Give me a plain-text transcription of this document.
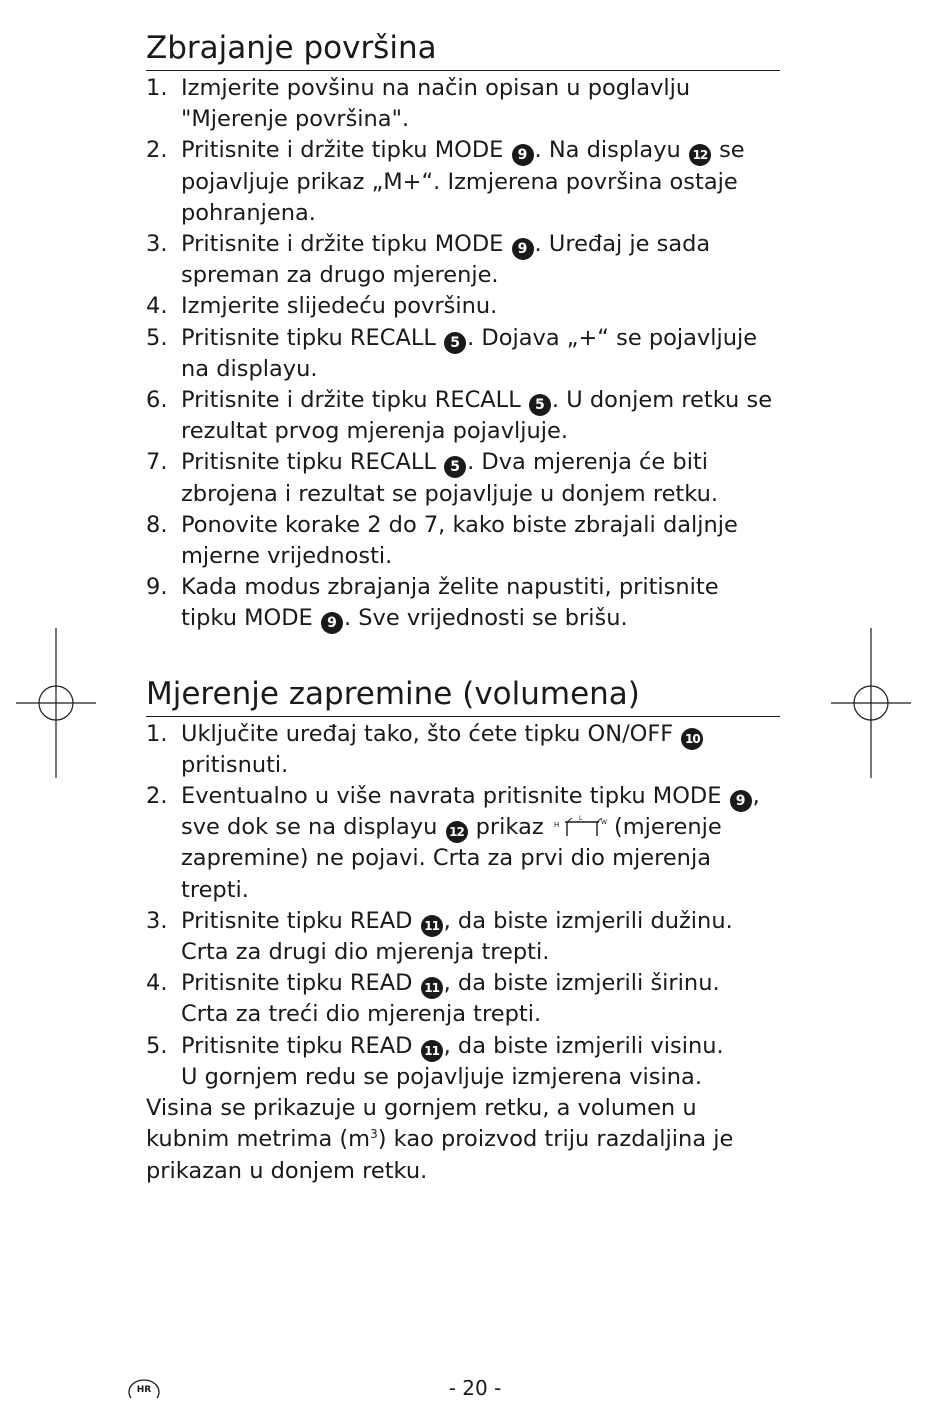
Zbrajanje površina
1. Izmjerite povšinu na način opisan u poglavlju "Mjerenje površina".
2. Pritisnite i držite tipku MODE 9 . Na displayu 12 se pojavljuje prikaz „M+“. Izmjerena površina ostaje pohranjena.
3. Pritisnite i držite tipku MODE 9 . Uređaj je sada spreman za drugo mjerenje.
4. Izmjerite slijedeću površinu.
5. Pritisnite tipku RECALL 5 . Dojava „+“ se pojavljuje na displayu.
6. Pritisnite i držite tipku RECALL 5 . U donjem retku se rezultat prvog mjerenja pojavljuje.
7. Pritisnite tipku RECALL 5 . Dva mjerenja će biti zbrojena i rezultat se pojavljuje u donjem retku.
8. Ponovite korake 2 do 7, kako biste zbrajali daljnje mjerne vrijednosti.
9. Kada modus zbrajanja želite napustiti, pritisnite tipku MODE 9 . Sve vrijednosti se brišu.
Mjerenje zapremine (volumena)
1. Uključite uređaj tako, što ćete tipku ON/OFF 10 pritisnuti.
2. Eventualno u više navrata pritisnite tipku MODE 9 , sve dok se na displayu 12 prikaz H
L
W (mjerenje zapremine) ne pojavi. Crta za prvi dio mjerenja trepti.
3. Pritisnite tipku READ 11 , da biste izmjerili dužinu.
Crta za drugi dio mjerenja trepti.
4. Pritisnite tipku READ 11 , da biste izmjerili širinu.
Crta za treći dio mjerenja trepti.
5. Pritisnite tipku READ 11 , da biste izmjerili visinu.
U gornjem redu se pojavljuje izmjerena visina.

Visina se prikazuje u gornjem retku, a volumen u kubnim metrima $(m^3)$ kao proizvod triju razdaljina je prikazan u donjem retku.

HR	- 20 -
